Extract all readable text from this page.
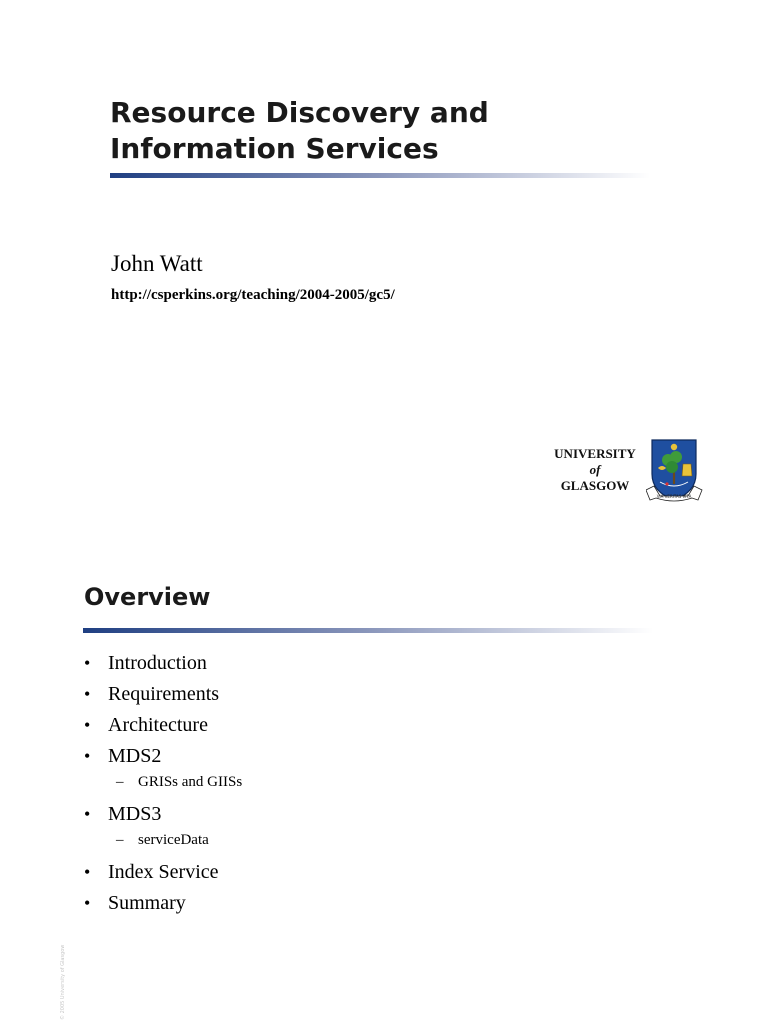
Resource Discovery and
Information Services
John Watt
http://csperkins.org/teaching/2004-2005/gc5/
UNIVERSITY
of
GLASGOW
VIA VERITAS VITA
Overview
• Introduction
• Requirements
• Architecture
• MDS2
– GRISs and GIISs
• MDS3
– serviceData
• Index Service
• Summary
© 2005 University of Glasgow
